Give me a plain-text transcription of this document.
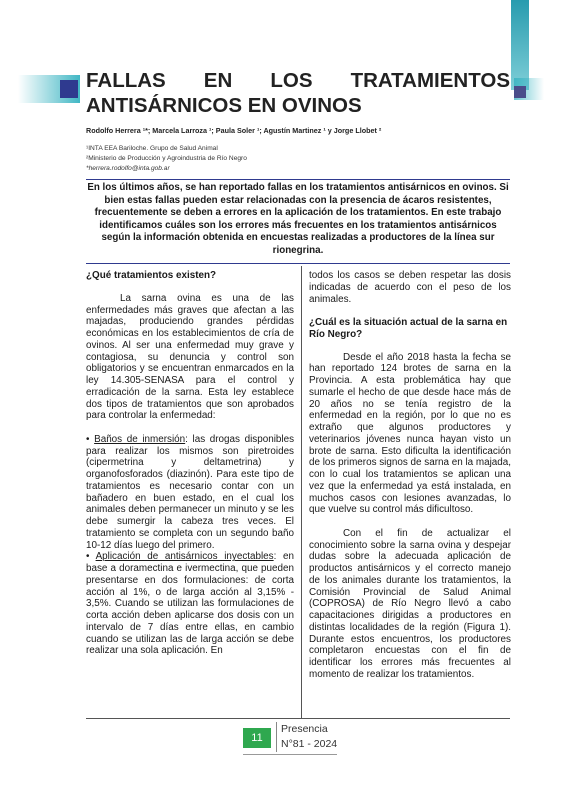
FALLAS EN LOS TRATAMIENTOS ANTISÁRNICOS EN OVINOS
Rodolfo Herrera ¹*; Marcela Larroza ¹; Paula Soler ¹; Agustín Martinez ¹ y Jorge Llobet ²
¹INTA EEA Bariloche. Grupo de Salud Animal
²Ministerio de Producción y Agroindustria de Río Negro
*herrera.rodolfo@inta.gob.ar

En los últimos años, se han reportado fallas en los tratamientos antisárnicos en ovinos. Si bien estas fallas pueden estar relacionadas con la presencia de ácaros resistentes, frecuentemente se deben a errores en la aplicación de los tratamientos. En este trabajo identificamos cuáles son los errores más frecuentes en los tratamientos antisárnicos según la información obtenida en encuestas realizadas a productores de la línea sur rionegrina.

¿Qué tratamientos existen?

La sarna ovina es una de las enfermedades más graves que afectan a las majadas, produciendo grandes pérdidas económicas en los establecimientos de cría de ovinos. Al ser una enfermedad muy grave y contagiosa, su denuncia y control son obligatorios y se encuentran enmarcados en la ley 14.305-SENASA para el control y erradicación de la sarna. Esta ley establece dos tipos de tratamientos que son aprobados para controlar la enfermedad:

• Baños de inmersión: las drogas disponibles para realizar los mismos son piretroides (cipermetrina y deltametrina) y organofosforados (diazinón). Para este tipo de tratamientos es necesario contar con un bañadero en buen estado, en el cual los animales deben permanecer un minuto y se les debe sumergir la cabeza tres veces. El tratamiento se completa con un segundo baño 10-12 días luego del primero.

• Aplicación de antisárnicos inyectables: en base a doramectina e ivermectina, que pueden presentarse en dos formulaciones: de corta acción al 1%, o de larga acción al 3,15% - 3,5%. Cuando se utilizan las formulaciones de corta acción deben aplicarse dos dosis con un intervalo de 7 días entre ellas, en cambio cuando se utilizan las de larga acción se debe realizar una sola aplicación. En

todos los casos se deben respetar las dosis indicadas de acuerdo con el peso de los animales.

¿Cuál es la situación actual de la sarna en Río Negro?

Desde el año 2018 hasta la fecha se han reportado 124 brotes de sarna en la Provincia. A esta problemática hay que sumarle el hecho de que desde hace más de 20 años no se tenía registro de la enfermedad en la región, por lo que no es extraño que algunos productores y veterinarios jóvenes nunca hayan visto un brote de sarna. Esto dificulta la identificación de los primeros signos de sarna en la majada, con lo cual los tratamientos se aplican una vez que la enfermedad ya está instalada, en muchos casos con lesiones avanzadas, lo que vuelve su control más dificultoso.

Con el fin de actualizar el conocimiento sobre la sarna ovina y despejar dudas sobre la adecuada aplicación de productos antisárnicos y el correcto manejo de los animales durante los tratamientos, la Comisión Provincial de Salud Animal (COPROSA) de Río Negro llevó a cabo capacitaciones dirigidas a productores en distintas localidades de la región (Figura 1). Durante estos encuentros, los productores completaron encuestas con el fin de identificar los errores más frecuentes al momento de realizar los tratamientos.

11
Presencia
N°81 - 2024
